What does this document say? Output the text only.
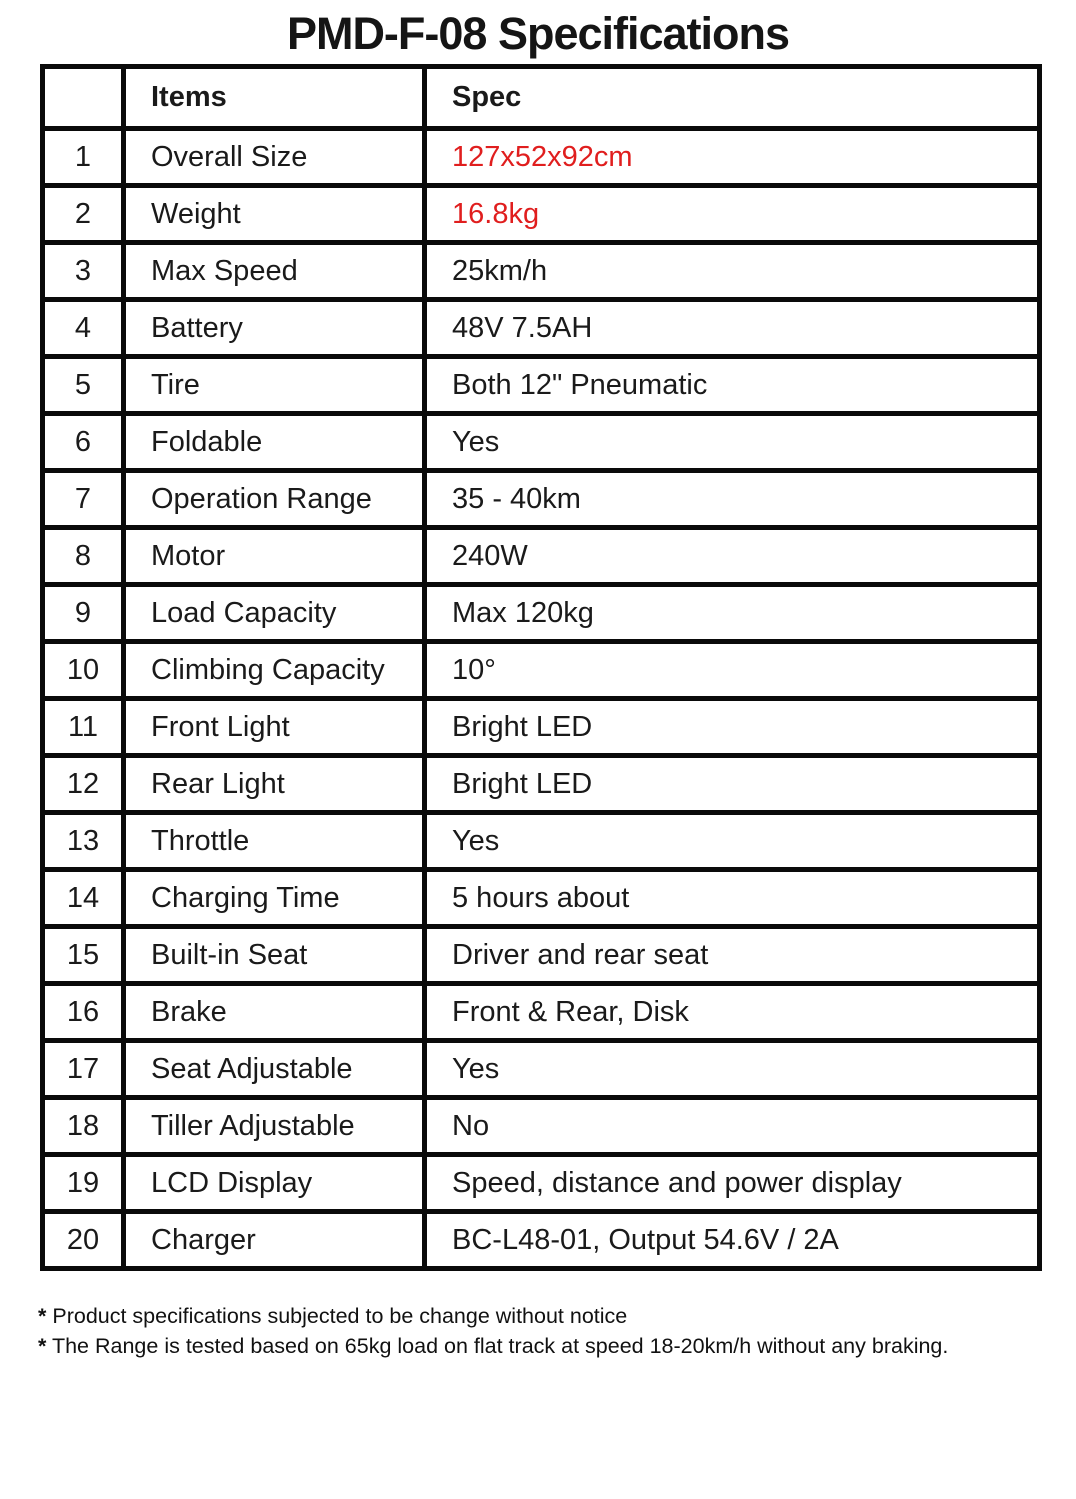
PMD-F-08 Specifications
	Items	Spec
1	Overall Size	127x52x92cm
2	Weight	16.8kg
3	Max Speed	25km/h
4	Battery	48V 7.5AH
5	Tire	Both 12" Pneumatic
6	Foldable	Yes
7	Operation Range	35 - 40km
8	Motor	240W
9	Load Capacity	Max 120kg
10	Climbing Capacity	10°
11	Front Light	Bright LED
12	Rear Light	Bright LED
13	Throttle	Yes
14	Charging Time	5 hours about
15	Built-in Seat	Driver and rear seat
16	Brake	Front & Rear, Disk
17	Seat Adjustable	Yes
18	Tiller Adjustable	No
19	LCD Display	Speed, distance and power display
20	Charger	BC-L48-01, Output 54.6V / 2A
* Product specifications subjected to be change without notice
* The Range is tested based on 65kg load on flat track at speed 18-20km/h without any braking.
